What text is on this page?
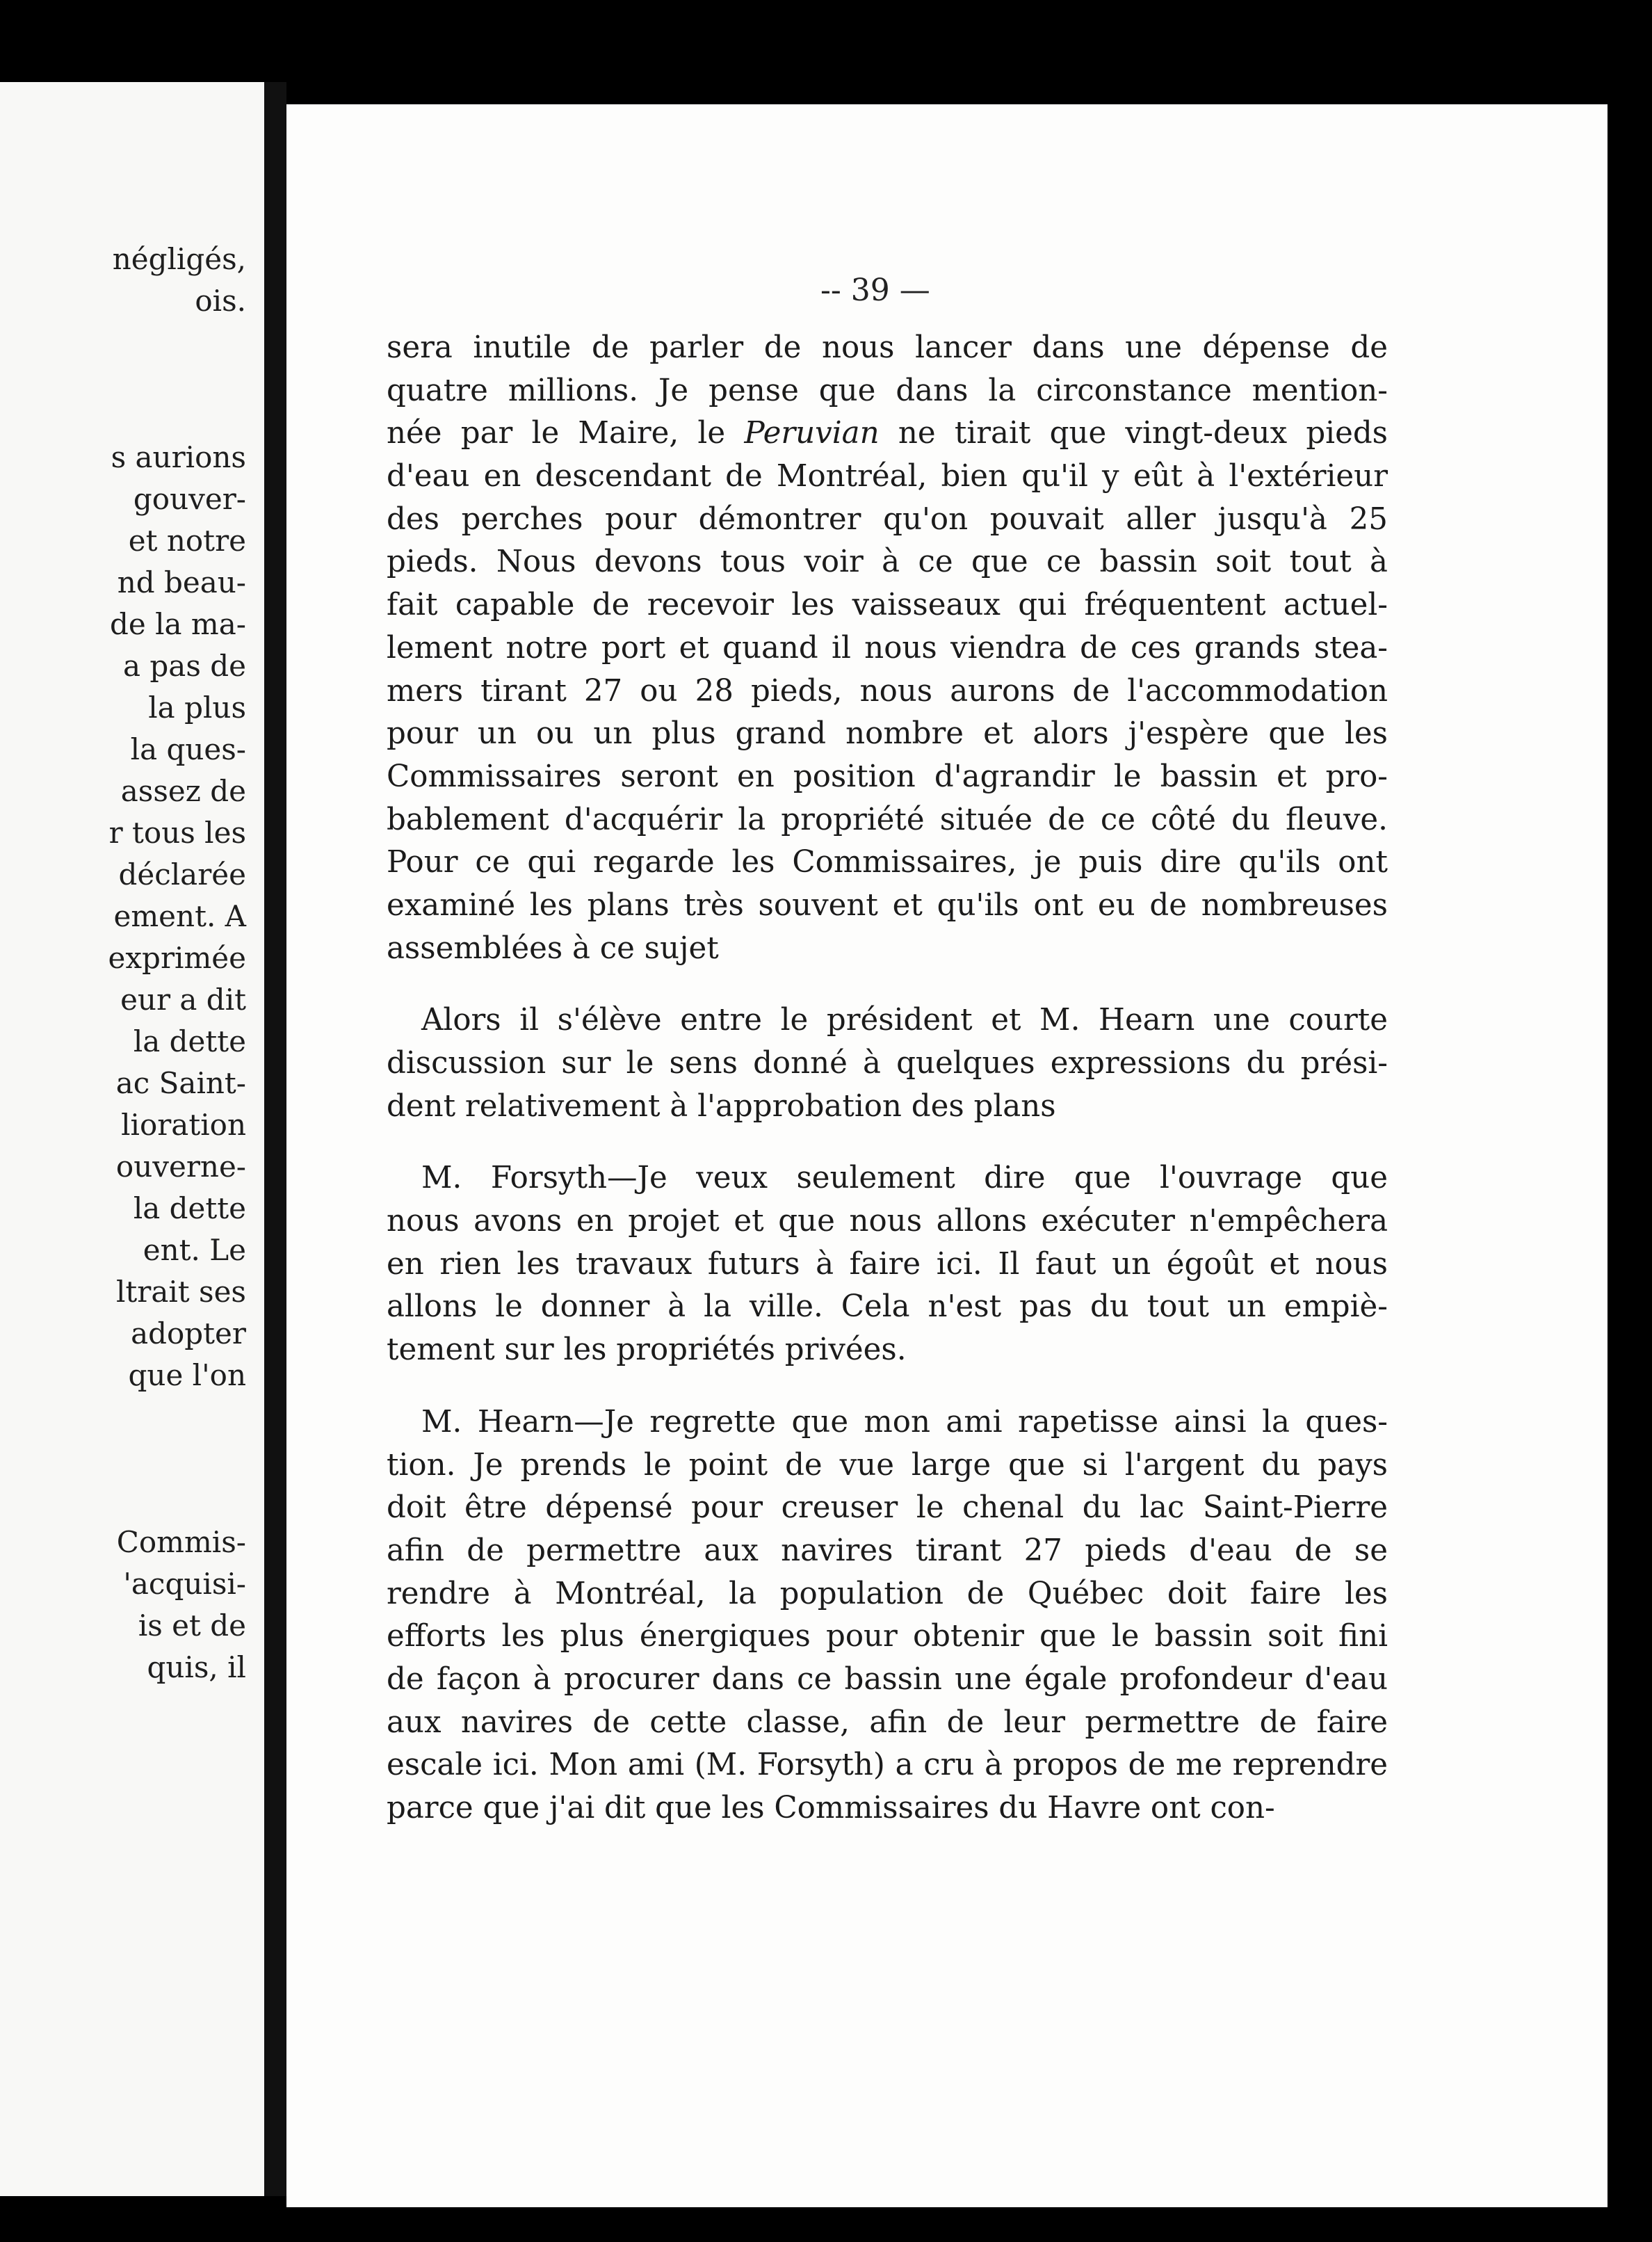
négligés,
ois.
s aurions
gouver-
et notre
nd beau-
de la ma-
a pas de
la plus
la ques-
assez de
r tous les
déclarée
ement. A
exprimée
eur a dit
la dette
ac Saint-
lioration
ouverne-
la dette
ent. Le
ltrait ses
adopter
que l'on
Commis-
'acquisi-
is et de
quis, il
-- 39 —
sera inutile de parler de nous lancer dans une dépense de
quatre millions. Je pense que dans la circonstance mention-
née par le Maire, le Peruvian ne tirait que vingt-deux pieds
d'eau en descendant de Montréal, bien qu'il y eût à l'extérieur
des perches pour démontrer qu'on pouvait aller jusqu'à 25
pieds. Nous devons tous voir à ce que ce bassin soit tout à
fait capable de recevoir les vaisseaux qui fréquentent actuel-
lement notre port et quand il nous viendra de ces grands stea-
mers tirant 27 ou 28 pieds, nous aurons de l'accommodation
pour un ou un plus grand nombre et alors j'espère que les
Commissaires seront en position d'agrandir le bassin et pro-
bablement d'acquérir la propriété située de ce côté du fleuve.
Pour ce qui regarde les Commissaires, je puis dire qu'ils ont
examiné les plans très souvent et qu'ils ont eu de nombreuses
assemblées à ce sujet
Alors il s'élève entre le président et M. Hearn une courte
discussion sur le sens donné à quelques expressions du prési-
dent relativement à l'approbation des plans
M. Forsyth—Je veux seulement dire que l'ouvrage que
nous avons en projet et que nous allons exécuter n'empêchera
en rien les travaux futurs à faire ici. Il faut un égoût et nous
allons le donner à la ville. Cela n'est pas du tout un empiè-
tement sur les propriétés privées.
M. Hearn—Je regrette que mon ami rapetisse ainsi la ques-
tion. Je prends le point de vue large que si l'argent du pays
doit être dépensé pour creuser le chenal du lac Saint-Pierre
afin de permettre aux navires tirant 27 pieds d'eau de se
rendre à Montréal, la population de Québec doit faire les
efforts les plus énergiques pour obtenir que le bassin soit fini
de façon à procurer dans ce bassin une égale profondeur d'eau
aux navires de cette classe, afin de leur permettre de faire
escale ici. Mon ami (M. Forsyth) a cru à propos de me reprendre
parce que j'ai dit que les Commissaires du Havre ont con-
